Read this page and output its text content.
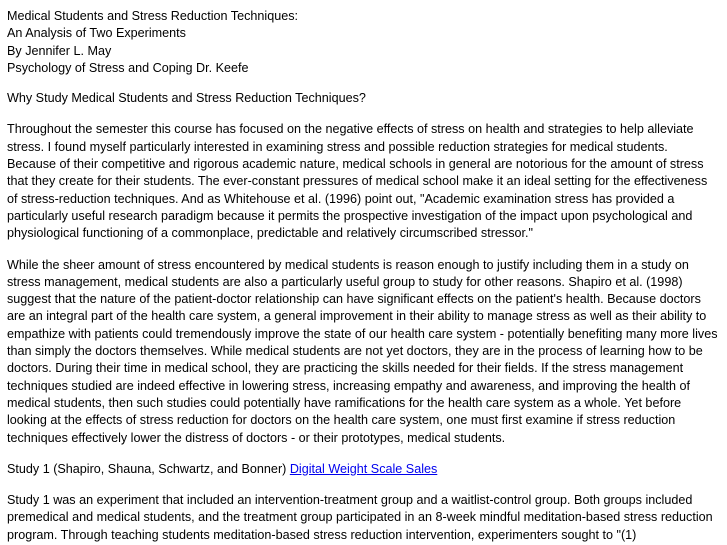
Medical Students and Stress Reduction Techniques:
An Analysis of Two Experiments
By Jennifer L. May
Psychology of Stress and Coping Dr. Keefe

Why Study Medical Students and Stress Reduction Techniques?

Throughout the semester this course has focused on the negative effects of stress on health and strategies to help alleviate stress. I found myself particularly interested in examining stress and possible reduction strategies for medical students. Because of their competitive and rigorous academic nature, medical schools in general are notorious for the amount of stress that they create for their students. The ever-constant pressures of medical school make it an ideal setting for the effectiveness of stress-reduction techniques. And as Whitehouse et al. (1996) point out, "Academic examination stress has provided a particularly useful research paradigm because it permits the prospective investigation of the impact upon psychological and physiological functioning of a commonplace, predictable and relatively circumscribed stressor."

While the sheer amount of stress encountered by medical students is reason enough to justify including them in a study on stress management, medical students are also a particularly useful group to study for other reasons. Shapiro et al. (1998) suggest that the nature of the patient-doctor relationship can have significant effects on the patient's health. Because doctors are an integral part of the health care system, a general improvement in their ability to manage stress as well as their ability to empathize with patients could tremendously improve the state of our health care system - potentially benefiting many more lives than simply the doctors themselves. While medical students are not yet doctors, they are in the process of learning how to be doctors. During their time in medical school, they are practicing the skills needed for their fields. If the stress management techniques studied are indeed effective in lowering stress, increasing empathy and awareness, and improving the health of medical students, then such studies could potentially have ramifications for the health care system as a whole. Yet before looking at the effects of stress reduction for doctors on the health care system, one must first examine if stress reduction techniques effectively lower the distress of doctors - or their prototypes, medical students.

Study 1 (Shapiro, Shauna, Schwartz, and Bonner) Digital Weight Scale Sales

Study 1 was an experiment that included an intervention-treatment group and a waitlist-control group. Both groups included premedical and medical students, and the treatment group participated in an 8-week mindful meditation-based stress reduction program. Through teaching students meditation-based stress reduction intervention, experimenters sought to "(1)
